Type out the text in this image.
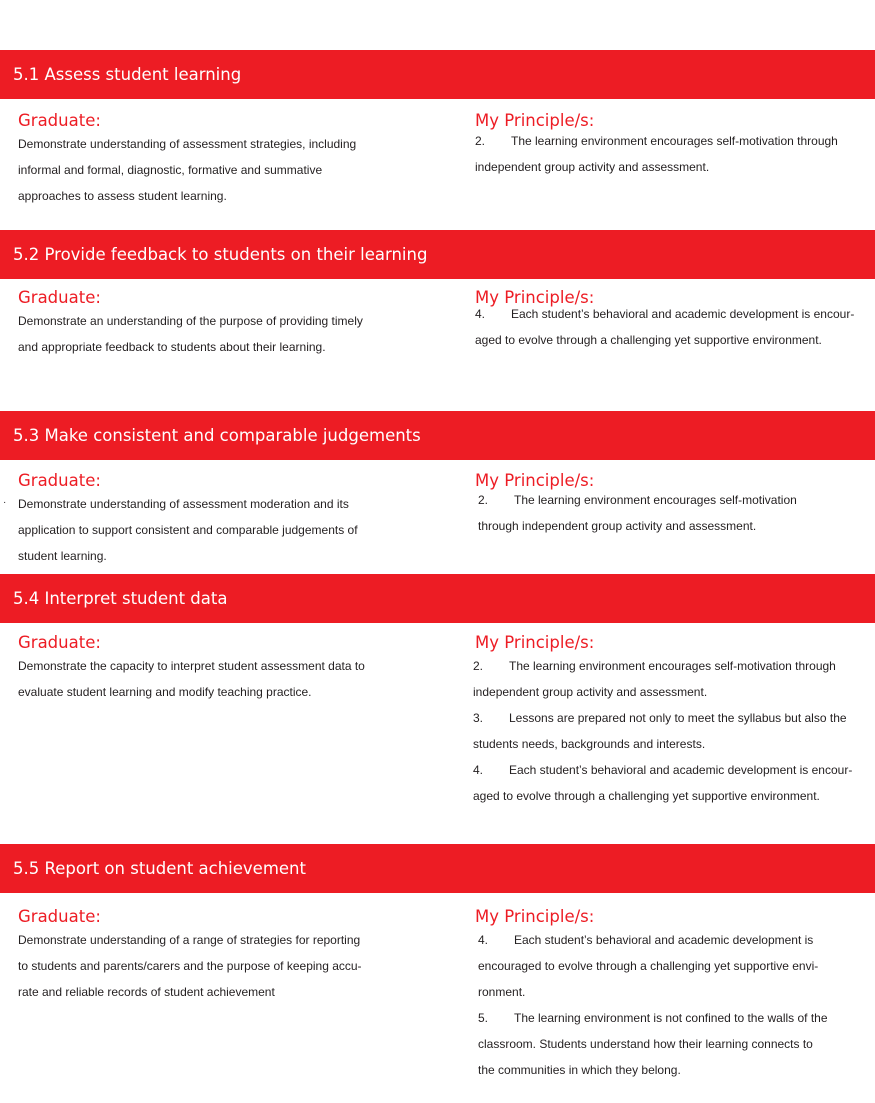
5.1 Assess student learning
Graduate:
Demonstrate understanding of assessment strategies, including
informal and formal, diagnostic, formative and summative
approaches to assess student learning.
My Principle/s:
2. The learning environment encourages self-motivation through
independent group activity and assessment.
5.2 Provide feedback to students on their learning
Graduate:
Demonstrate an understanding of the purpose of providing timely
and appropriate feedback to students about their learning.
My Principle/s:
4. Each student’s behavioral and academic development is encour-
aged to evolve through a challenging yet supportive environment.
5.3 Make consistent and comparable judgements
Graduate:
Demonstrate understanding of assessment moderation and its
application to support consistent and comparable judgements of
student learning.
My Principle/s:
2. The learning environment encourages self-motivation
through independent group activity and assessment.
5.4 Interpret student data
Graduate:
Demonstrate the capacity to interpret student assessment data to
evaluate student learning and modify teaching practice.
My Principle/s:
2. The learning environment encourages self-motivation through
independent group activity and assessment.
3. Lessons are prepared not only to meet the syllabus but also the
students needs, backgrounds and interests.
4. Each student’s behavioral and academic development is encour-
aged to evolve through a challenging yet supportive environment.
5.5 Report on student achievement
Graduate:
Demonstrate understanding of a range of strategies for reporting
to students and parents/carers and the purpose of keeping accu-
rate and reliable records of student achievement
My Principle/s:
4. Each student’s behavioral and academic development is
encouraged to evolve through a challenging yet supportive envi-
ronment.
5. The learning environment is not confined to the walls of the
classroom. Students understand how their learning connects to
the communities in which they belong.
·
